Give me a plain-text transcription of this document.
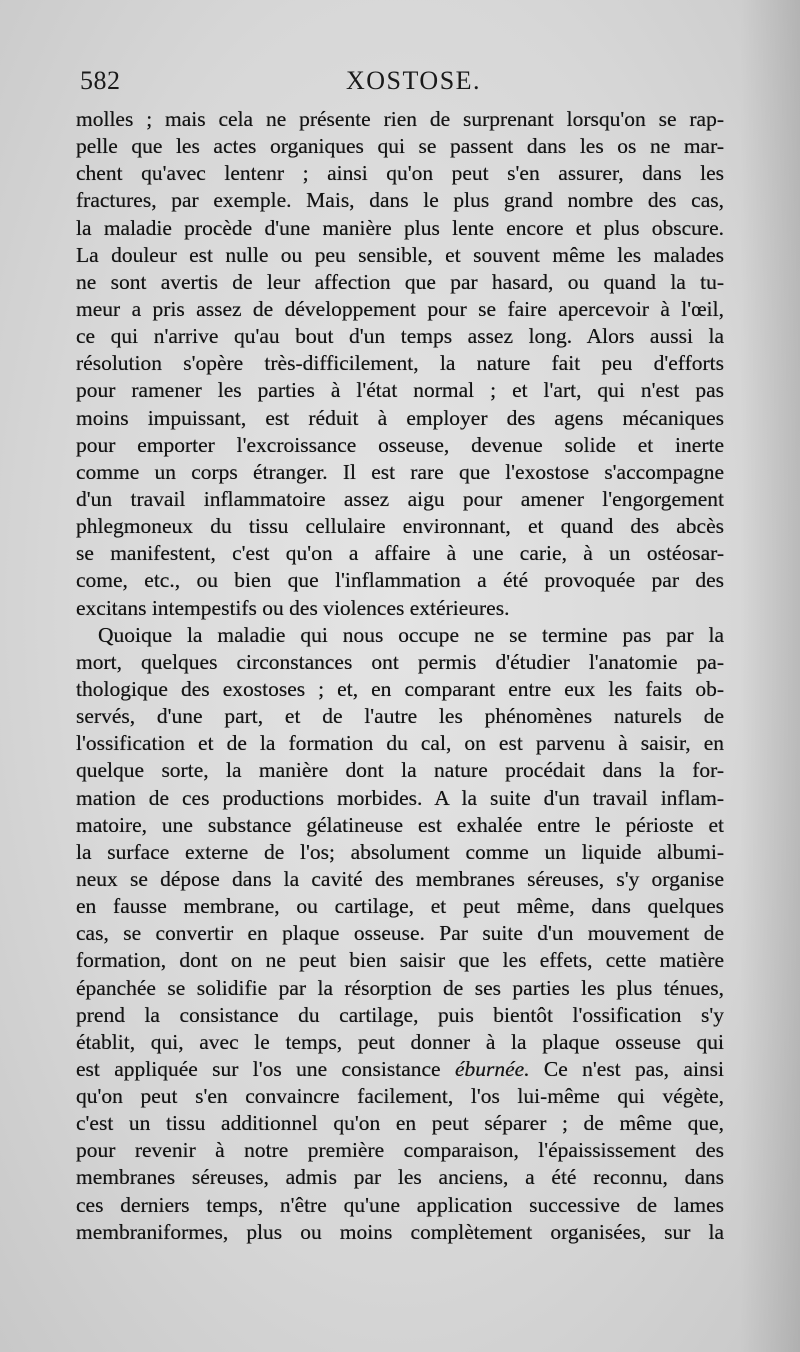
582	XOSTOSE.
molles ; mais cela ne présente rien de surprenant lorsqu'on se rap-
pelle que les actes organiques qui se passent dans les os ne mar-
chent qu'avec lentenr ; ainsi qu'on peut s'en assurer, dans les
fractures, par exemple. Mais, dans le plus grand nombre des cas,
la maladie procède d'une manière plus lente encore et plus obscure.
La douleur est nulle ou peu sensible, et souvent même les malades
ne sont avertis de leur affection que par hasard, ou quand la tu-
meur a pris assez de développement pour se faire apercevoir à l'œil,
ce qui n'arrive qu'au bout d'un temps assez long. Alors aussi la
résolution s'opère très-difficilement, la nature fait peu d'efforts
pour ramener les parties à l'état normal ; et l'art, qui n'est pas
moins impuissant, est réduit à employer des agens mécaniques
pour emporter l'excroissance osseuse, devenue solide et inerte
comme un corps étranger. Il est rare que l'exostose s'accompagne
d'un travail inflammatoire assez aigu pour amener l'engorgement
phlegmoneux du tissu cellulaire environnant, et quand des abcès
se manifestent, c'est qu'on a affaire à une carie, à un ostéosar-
come, etc., ou bien que l'inflammation a été provoquée par des
excitans intempestifs ou des violences extérieures.
Quoique la maladie qui nous occupe ne se termine pas par la
mort, quelques circonstances ont permis d'étudier l'anatomie pa-
thologique des exostoses ; et, en comparant entre eux les faits ob-
servés, d'une part, et de l'autre les phénomènes naturels de
l'ossification et de la formation du cal, on est parvenu à saisir, en
quelque sorte, la manière dont la nature procédait dans la for-
mation de ces productions morbides. A la suite d'un travail inflam-
matoire, une substance gélatineuse est exhalée entre le périoste et
la surface externe de l'os; absolument comme un liquide albumi-
neux se dépose dans la cavité des membranes séreuses, s'y organise
en fausse membrane, ou cartilage, et peut même, dans quelques
cas, se convertir en plaque osseuse. Par suite d'un mouvement de
formation, dont on ne peut bien saisir que les effets, cette matière
épanchée se solidifie par la résorption de ses parties les plus ténues,
prend la consistance du cartilage, puis bientôt l'ossification s'y
établit, qui, avec le temps, peut donner à la plaque osseuse qui
est appliquée sur l'os une consistance éburnée. Ce n'est pas, ainsi
qu'on peut s'en convaincre facilement, l'os lui-même qui végète,
c'est un tissu additionnel qu'on en peut séparer ; de même que,
pour revenir à notre première comparaison, l'épaississement des
membranes séreuses, admis par les anciens, a été reconnu, dans
ces derniers temps, n'être qu'une application successive de lames
membraniformes, plus ou moins complètement organisées, sur la
